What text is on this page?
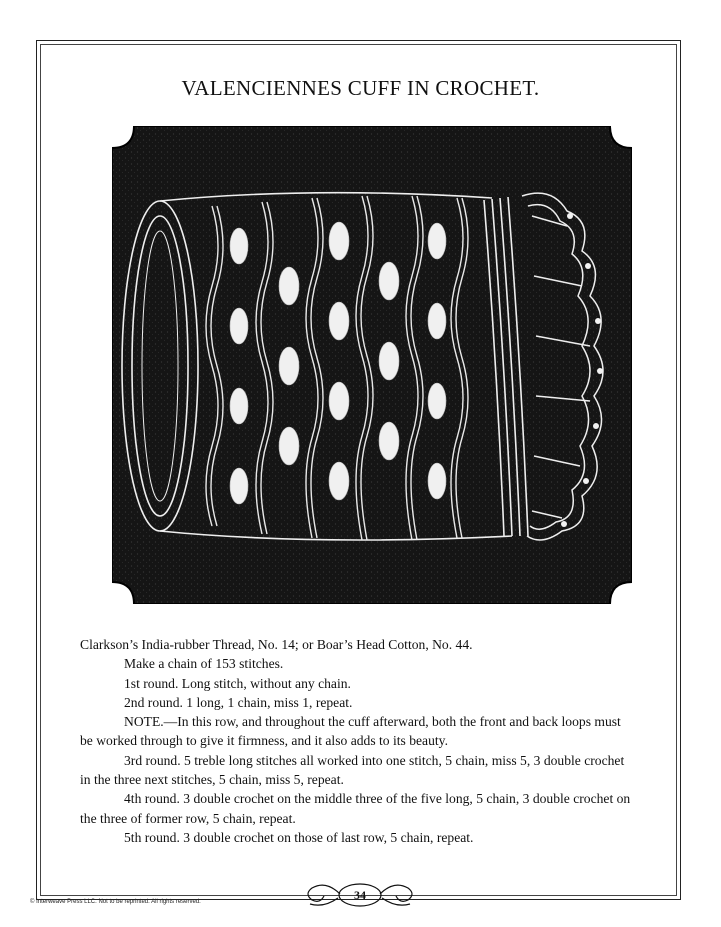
VALENCIENNES CUFF IN CROCHET.

Clarkson’s India-rubber Thread, No. 14; or Boar’s Head Cotton, No. 44.

Make a chain of 153 stitches.

1st round. Long stitch, without any chain.

2nd round. 1 long, 1 chain, miss 1, repeat.

NOTE.—In this row, and throughout the cuff afterward, both the front and back loops must be worked through to give it firmness, and it also adds to its beauty.

3rd round. 5 treble long stitches all worked into one stitch, 5 chain, miss 5, 3 double crochet in the three next stitches, 5 chain, miss 5, repeat.

4th round. 3 double crochet on the middle three of the five long, 5 chain, 3 double crochet on the three of former row, 5 chain, repeat.

5th round. 3 double crochet on those of last row, 5 chain, repeat.

34
© Interweave Press LLC. Not to be reprinted. All rights reserved.
